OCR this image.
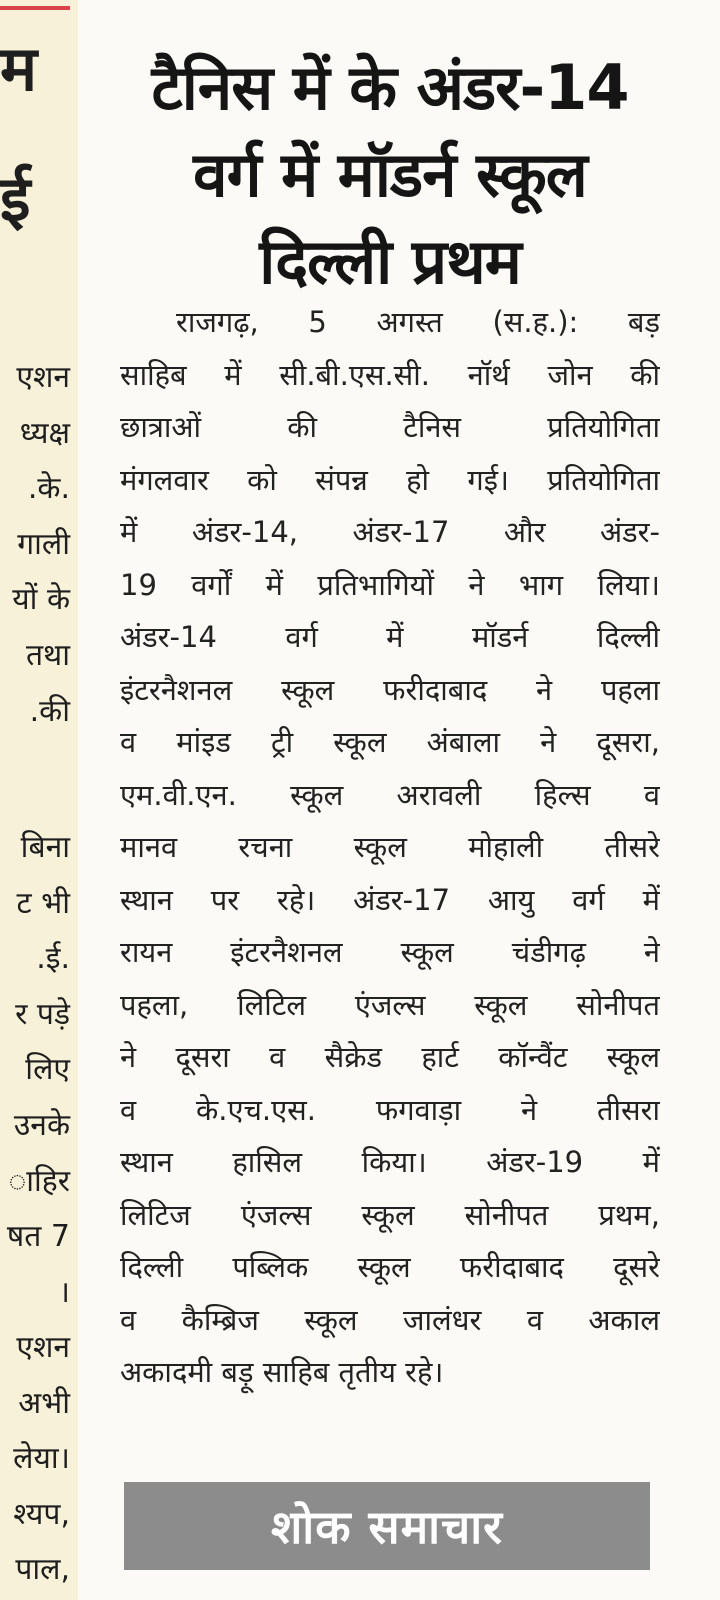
म
ई
एशन
ध्यक्ष
.के.
गाली
यों के
तथा
.की
बिना
ट भी
.ई.
र पड़े
लिए
उनके
ाहिर
षत 7
।
एशन
अभी
लेया।
श्यप,
पाल,
टैनिस में के अंडर-14
वर्ग में मॉडर्न स्कूल
दिल्ली प्रथम
राजगढ़, 5 अगस्त (स.ह.): बड़
साहिब में सी.बी.एस.सी. नॉर्थ जोन की
छात्राओं की टैनिस प्रतियोगिता
मंगलवार को संपन्न हो गई। प्रतियोगिता
में अंडर-14, अंडर-17 और अंडर-
19 वर्गों में प्रतिभागियों ने भाग लिया।
अंडर-14 वर्ग में मॉडर्न दिल्ली
इंटरनैशनल स्कूल फरीदाबाद ने पहला
व मांइड ट्री स्कूल अंबाला ने दूसरा,
एम.वी.एन. स्कूल अरावली हिल्स व
मानव रचना स्कूल मोहाली तीसरे
स्थान पर रहे। अंडर-17 आयु वर्ग में
रायन इंटरनैशनल स्कूल चंडीगढ़ ने
पहला, लिटिल एंजल्स स्कूल सोनीपत
ने दूसरा व सैक्रेड हार्ट कॉन्वैंट स्कूल
व के.एच.एस. फगवाड़ा ने तीसरा
स्थान हासिल किया। अंडर-19 में
लिटिज एंजल्स स्कूल सोनीपत प्रथम,
दिल्ली पब्लिक स्कूल फरीदाबाद दूसरे
व कैम्ब्रिज स्कूल जालंधर व अकाल
अकादमी बड़ू साहिब तृतीय रहे।
शोक समाचार
